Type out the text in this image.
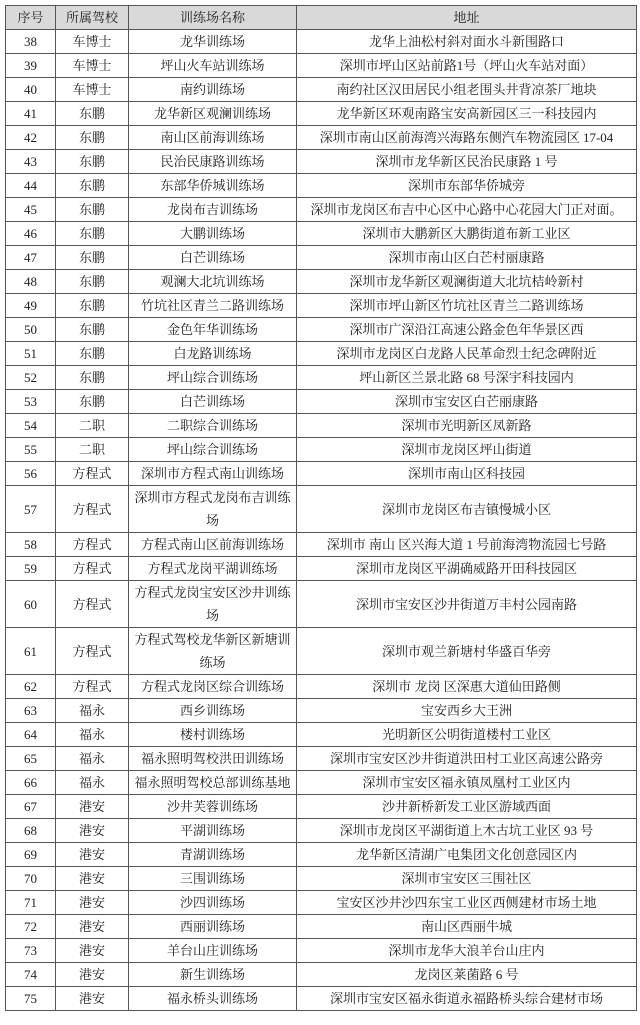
序号	所属驾校	训练场名称	地址
38	车博士	龙华训练场	龙华上油松村斜对面水斗新围路口
39	车博士	坪山火车站训练场	深圳市坪山区站前路1号（坪山火车站对面）
40	车博士	南约训练场	南约社区汉田居民小组老围头井背凉茶厂地块
41	东鹏	龙华新区观澜训练场	龙华新区环观南路宝安高新园区三一科技园内
42	东鹏	南山区前海训练场	深圳市南山区前海湾兴海路东侧汽车物流园区 17-04
43	东鹏	民治民康路训练场	深圳市龙华新区民治民康路 1 号
44	东鹏	东部华侨城训练场	深圳市东部华侨城旁
45	东鹏	龙岗布吉训练场	深圳市龙岗区布吉中心区中心路中心花园大门正对面。
46	东鹏	大鹏训练场	深圳市大鹏新区大鹏街道布新工业区
47	东鹏	白芒训练场	深圳市南山区白芒村丽康路
48	东鹏	观澜大北坑训练场	深圳市龙华新区观澜街道大北坑桔岭新村
49	东鹏	竹坑社区青兰二路训练场	深圳市坪山新区竹坑社区青兰二路训练场
50	东鹏	金色年华训练场	深圳市广深沿江高速公路金色年华景区西
51	东鹏	白龙路训练场	深圳市龙岗区白龙路人民革命烈士纪念碑附近
52	东鹏	坪山综合训练场	坪山新区兰景北路 68 号深宇科技园内
53	东鹏	白芒训练场	深圳市宝安区白芒丽康路
54	二职	二职综合训练场	深圳市光明新区凤新路
55	二职	坪山综合训练场	深圳市龙岗区坪山街道
56	方程式	深圳市方程式南山训练场	深圳市南山区科技园
57	方程式	深圳市方程式龙岗布吉训练场	深圳市龙岗区布吉镇慢城小区
58	方程式	方程式南山区前海训练场	深圳市 南山 区兴海大道 1 号前海湾物流园七号路
59	方程式	方程式龙岗平湖训练场	深圳市龙岗区平湖确威路开田科技园区
60	方程式	方程式龙岗宝安区沙井训练场	深圳市宝安区沙井街道万丰村公园南路
61	方程式	方程式驾校龙华新区新塘训练场	深圳市观兰新塘村华盛百华旁
62	方程式	方程式龙岗区综合训练场	深圳市 龙岗 区深惠大道仙田路侧
63	福永	西乡训练场	宝安西乡大王洲
64	福永	楼村训练场	光明新区公明街道楼村工业区
65	福永	福永照明驾校洪田训练场	深圳市宝安区沙井街道洪田村工业区高速公路旁
66	福永	福永照明驾校总部训练基地	深圳市宝安区福永镇凤凰村工业区内
67	港安	沙井芙蓉训练场	沙井新桥新发工业区游域西面
68	港安	平湖训练场	深圳市龙岗区平湖街道上木古坑工业区 93 号
69	港安	青湖训练场	龙华新区清湖广电集团文化创意园区内
70	港安	三围训练场	深圳市宝安区三围社区
71	港安	沙四训练场	宝安区沙井沙四东宝工业区西侧建材市场土地
72	港安	西丽训练场	南山区西丽牛城
73	港安	羊台山庄训练场	深圳市龙华大浪羊台山庄内
74	港安	新生训练场	龙岗区莱菌路 6 号
75	港安	福永桥头训练场	深圳市宝安区福永街道永福路桥头综合建材市场
